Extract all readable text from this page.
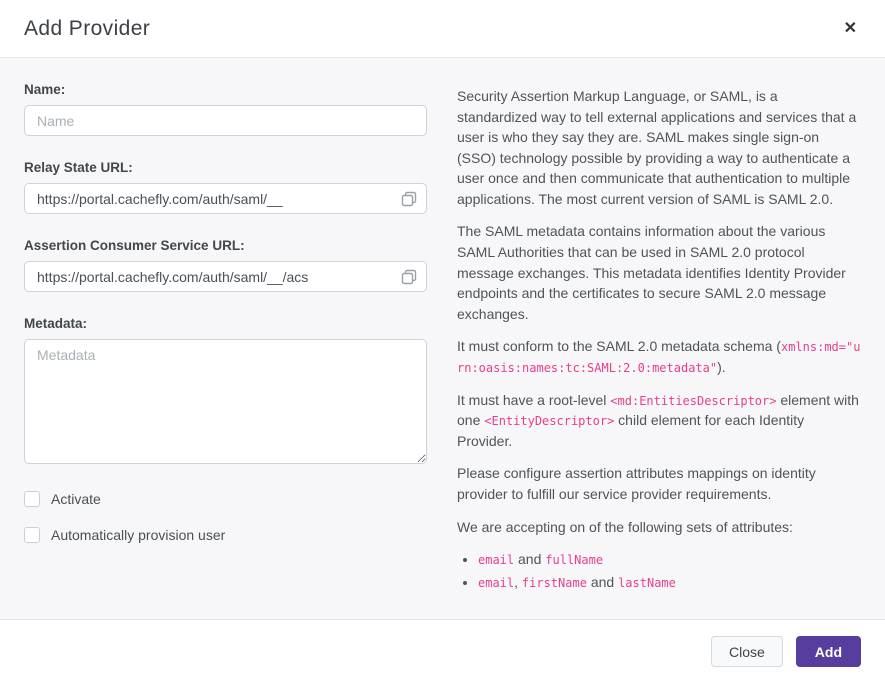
Add Provider	✕
Name:
Name
Relay State URL:
https://portal.cachefly.com/auth/saml/__
Assertion Consumer Service URL:
https://portal.cachefly.com/auth/saml/__/acs
Metadata:
Metadata
Activate
Automatically provision user

Security Assertion Markup Language, or SAML, is a standardized way to tell external applications and services that a user is who they say they are. SAML makes single sign-on (SSO) technology possible by providing a way to authenticate a user once and then communicate that authentication to multiple applications. The most current version of SAML is SAML 2.0.

The SAML metadata contains information about the various SAML Authorities that can be used in SAML 2.0 protocol message exchanges. This metadata identifies Identity Provider endpoints and the certificates to secure SAML 2.0 message exchanges.

It must conform to the SAML 2.0 metadata schema (xmlns:md="urn:oasis:names:tc:SAML:2.0:metadata").

It must have a root-level <md:EntitiesDescriptor> element with one <EntityDescriptor> child element for each Identity Provider.

Please configure assertion attributes mappings on identity provider to fulfill our service provider requirements.

We are accepting on of the following sets of attributes:

• email and fullName
• email, firstName and lastName
Close	Add
